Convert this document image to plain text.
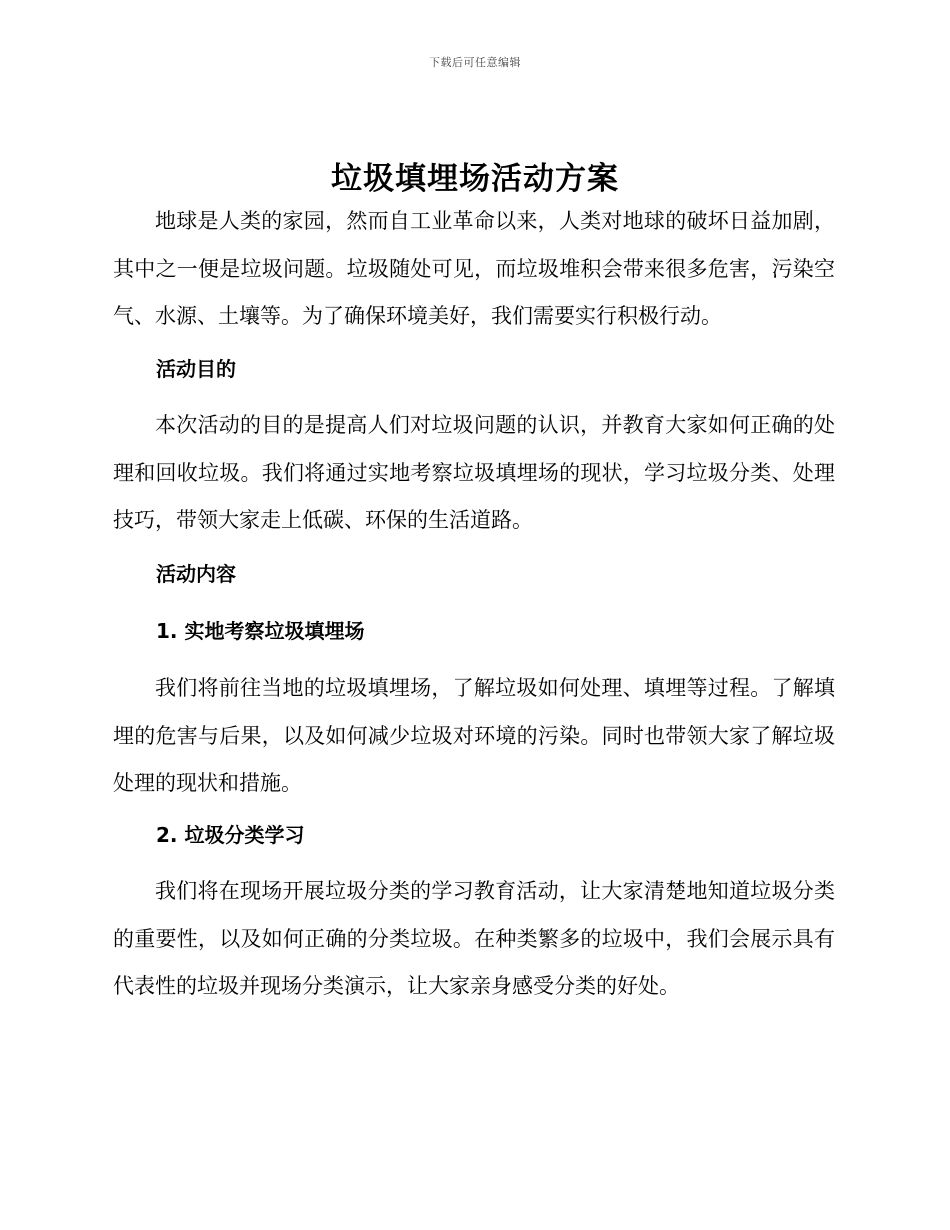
下载后可任意编辑
垃圾填埋场活动方案

地球是人类的家园，然而自工业革命以来，人类对地球的破坏日益加剧，其中之一便是垃圾问题。垃圾随处可见，而垃圾堆积会带来很多危害，污染空气、水源、土壤等。为了确保环境美好，我们需要实行积极行动。

活动目的

本次活动的目的是提高人们对垃圾问题的认识，并教育大家如何正确的处理和回收垃圾。我们将通过实地考察垃圾填埋场的现状，学习垃圾分类、处理技巧，带领大家走上低碳、环保的生活道路。

活动内容
1. 实地考察垃圾填埋场

我们将前往当地的垃圾填埋场，了解垃圾如何处理、填埋等过程。了解填埋的危害与后果，以及如何减少垃圾对环境的污染。同时也带领大家了解垃圾处理的现状和措施。

2. 垃圾分类学习

我们将在现场开展垃圾分类的学习教育活动，让大家清楚地知道垃圾分类的重要性，以及如何正确的分类垃圾。在种类繁多的垃圾中，我们会展示具有代表性的垃圾并现场分类演示，让大家亲身感受分类的好处。
